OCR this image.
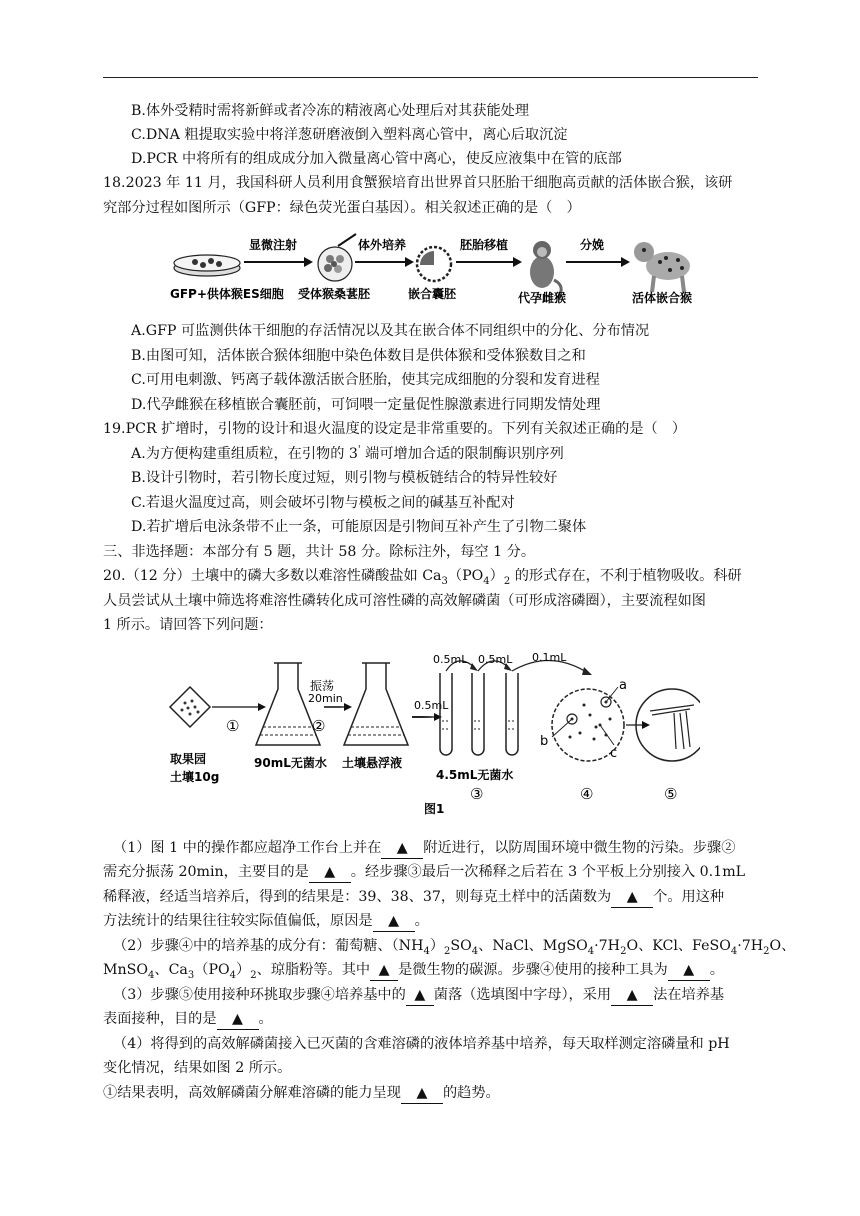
B.体外受精时需将新鲜或者冷冻的精液离心处理后对其获能处理
C.DNA 粗提取实验中将洋葱研磨液倒入塑料离心管中，离心后取沉淀
D.PCR 中将所有的组成成分加入微量离心管中离心，使反应液集中在管的底部
18.2023 年 11 月，我国科研人员利用食蟹猴培育出世界首只胚胎干细胞高贡献的活体嵌合猴，该研
究部分过程如图所示（GFP：绿色荧光蛋白基因）。相关叙述正确的是（　）
显微注射	体外培养	胚胎移植	分娩
GFP+供体猴ES细胞 受体猴桑葚胚	嵌合囊胚	代孕雌猴	活体嵌合猴
A.GFP 可监测供体干细胞的存活情况以及其在嵌合体不同组织中的分化、分布情况
B.由图可知，活体嵌合猴体细胞中染色体数目是供体猴和受体猴数目之和
C.可用电刺激、钙离子载体激活嵌合胚胎，使其完成细胞的分裂和发育进程
D.代孕雌猴在移植嵌合囊胚前，可饲喂一定量促性腺激素进行同期发情处理
19.PCR 扩增时，引物的设计和退火温度的设定是非常重要的。下列有关叙述正确的是（　）
A.为方便构建重组质粒，在引物的 3' 端可增加合适的限制酶识别序列
B.设计引物时，若引物长度过短，则引物与模板链结合的特异性较好
C.若退火温度过高，则会破坏引物与模板之间的碱基互补配对
D.若扩增后电泳条带不止一条，可能原因是引物间互补产生了引物二聚体
三、非选择题：本部分有 5 题，共计 58 分。除标注外，每空 1 分。
20.（12 分）土壤中的磷大多数以难溶性磷酸盐如 $Ca_3(PO_4)_2$ 的形式存在，不利于植物吸收。科研
人员尝试从土壤中筛选将难溶性磷转化成可溶性磷的高效解磷菌（可形成溶磷圈），主要流程如图
1 所示。请回答下列问题：
①
振荡
20min
②
0.5mL
0.5mL 0.5mL 0.1mL
a
b
c
取果园
土壤10g
90mL无菌水 土壤悬浮液
4.5mL无菌水
③	④	⑤
图1
（1）图 1 中的操作都应超净工作台上并在 ▲ 附近进行，以防周围环境中微生物的污染。步骤②
需充分振荡 20min，主要目的是 ▲ 。经步骤③最后一次稀释之后若在 3 个平板上分别接入 0.1mL
稀释液，经适当培养后，得到的结果是：39、38、37，则每克土样中的活菌数为 ▲ 个。用这种
方法统计的结果往往较实际值偏低，原因是 ▲ 。
（2）步骤④中的培养基的成分有：葡萄糖、$(NH_4)_2SO_4$、NaCl、$MgSO_4\cdot 7H_2O$、KCl、$FeSO_4\cdot 7H_2O$、
MnSO$_4$、$Ca_3(PO_4)_2$、琼脂粉等。其中 ▲ 是微生物的碳源。步骤④使用的接种工具为 ▲ 。
（3）步骤⑤使用接种环挑取步骤④培养基中的 ▲ 菌落（选填图中字母），采用 ▲ 法在培养基
表面接种，目的是 ▲ 。
（4）将得到的高效解磷菌接入已灭菌的含难溶磷的液体培养基中培养，每天取样测定溶磷量和 pH
变化情况，结果如图 2 所示。
①结果表明，高效解磷菌分解难溶磷的能力呈现 ▲ 的趋势。
